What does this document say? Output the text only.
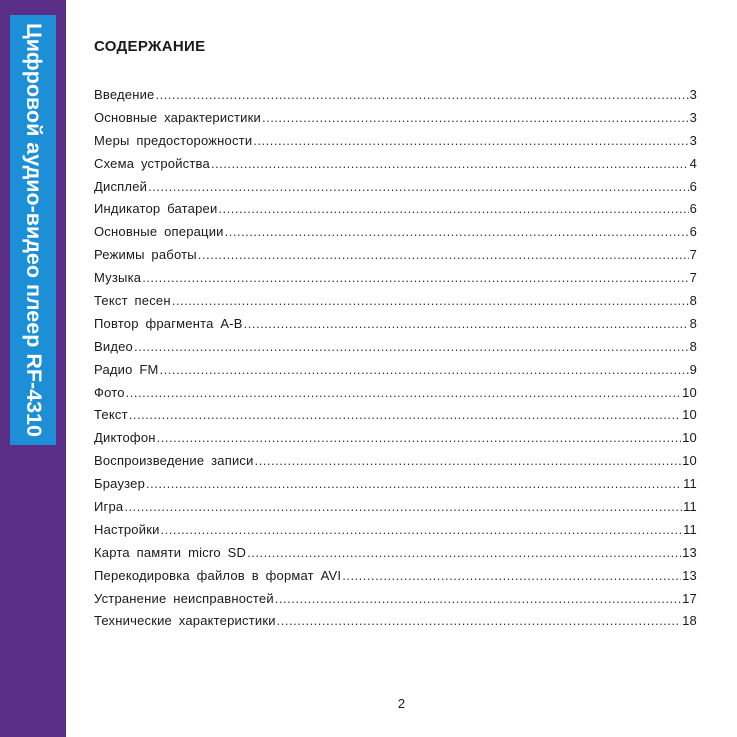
Цифровой аудио-видео плеер RF-4310	СОДЕРЖАНИЕ
Введение .....	3
Основные характеристики .....	3
Меры предосторожности .....	3
Схема устройства .....	4
Дисплей .....	6
Индикатор батареи .....	6
Основные операции .....	6
Режимы работы .....	7
Музыка .....	7
Текст песен .....	8
Повтор фрагмента А-В .....	8
Видео .....	8
Радио FM .....	9
Фото .....	10
Текст .....	10
Диктофон .....	10
Воспроизведение записи .....	10
Браузер .....	11
Игра .....	11
Настройки .....	11
Карта памяти micro SD .....	13
Перекодировка файлов в формат AVI .....	13
Устранение неисправностей .....	17
Технические характеристики .....	18
2
